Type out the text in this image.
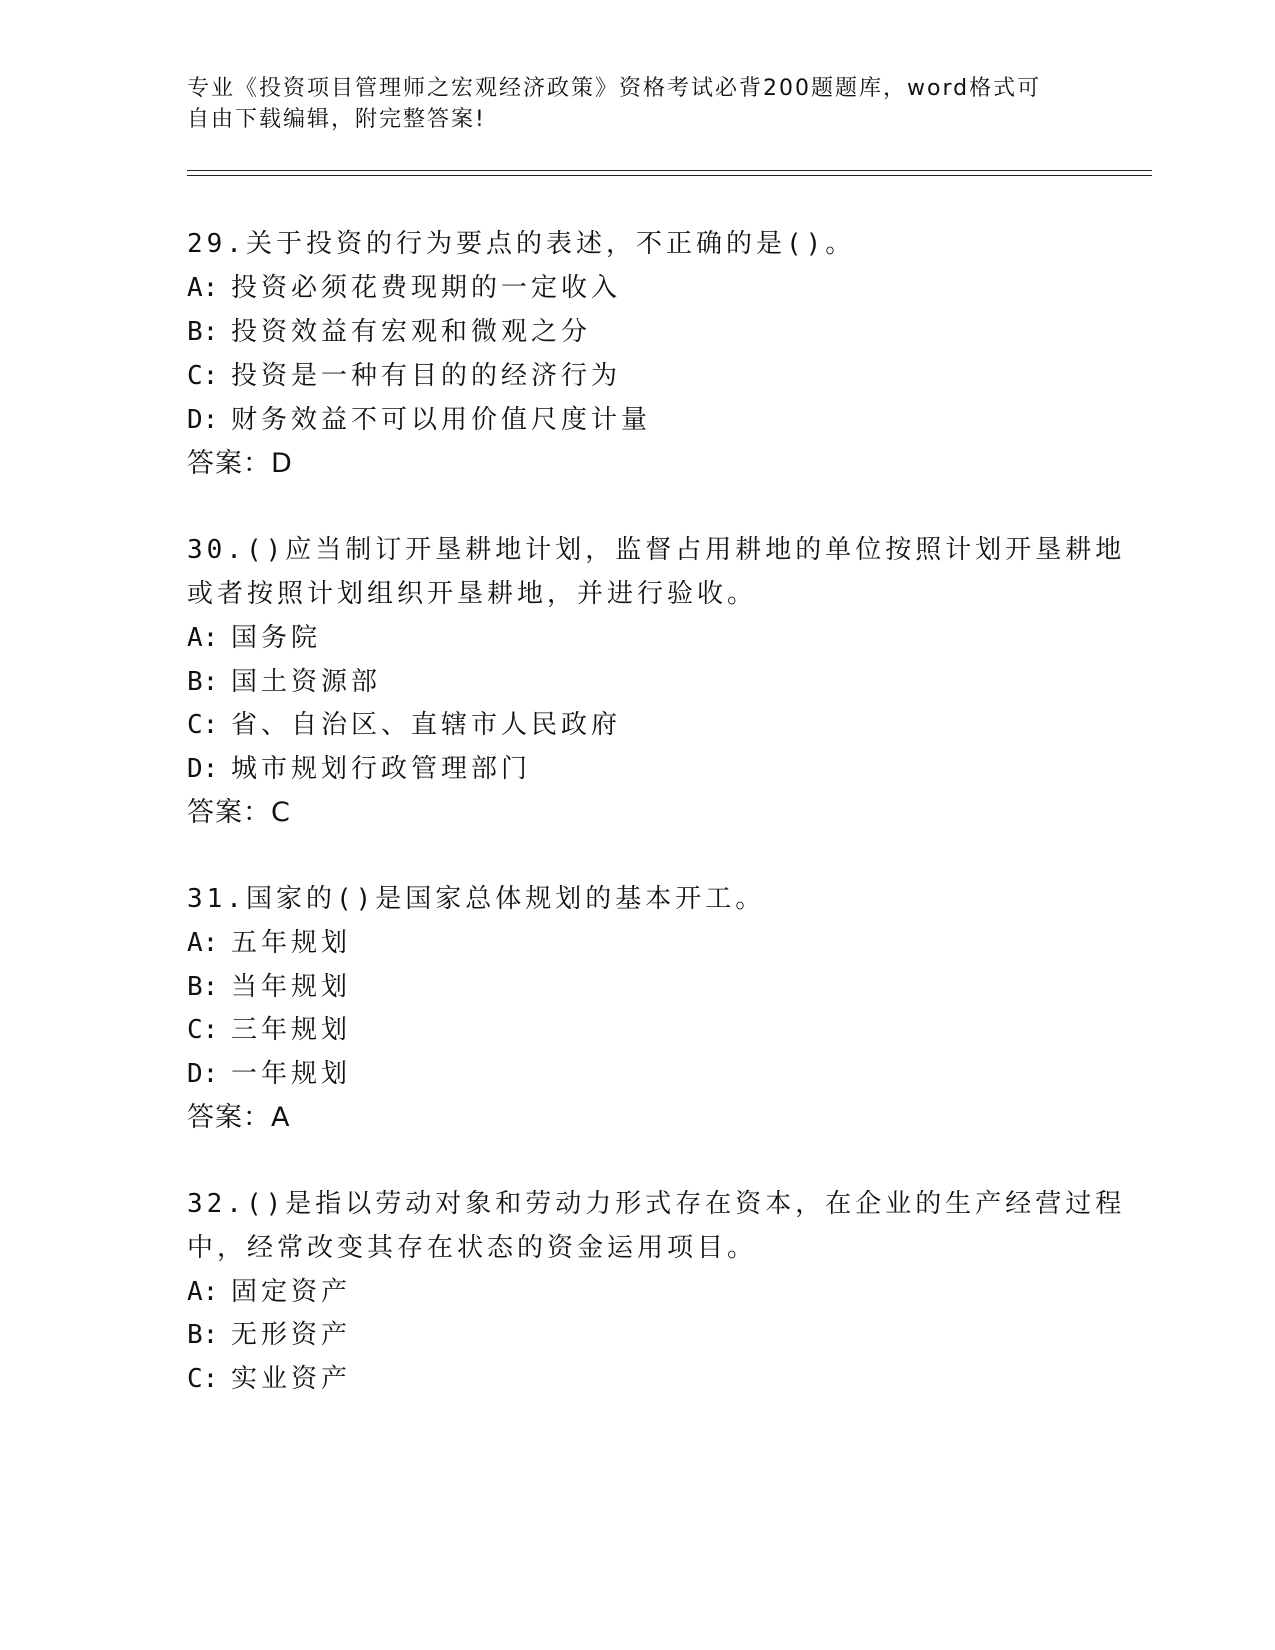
专业《投资项目管理师之宏观经济政策》资格考试必背200题题库，word格式可
自由下载编辑，附完整答案!
29.关于投资的行为要点的表述，不正确的是()。
A: 投资必须花费现期的一定收入
B: 投资效益有宏观和微观之分
C: 投资是一种有目的的经济行为
D: 财务效益不可以用价值尺度计量
答案：D
30.()应当制订开垦耕地计划，监督占用耕地的单位按照计划开垦耕地
或者按照计划组织开垦耕地，并进行验收。
A: 国务院
B: 国土资源部
C: 省、自治区、直辖市人民政府
D: 城市规划行政管理部门
答案：C
31.国家的()是国家总体规划的基本开工。
A: 五年规划
B: 当年规划
C: 三年规划
D: 一年规划
答案：A
32.()是指以劳动对象和劳动力形式存在资本，在企业的生产经营过程
中，经常改变其存在状态的资金运用项目。
A: 固定资产
B: 无形资产
C: 实业资产
